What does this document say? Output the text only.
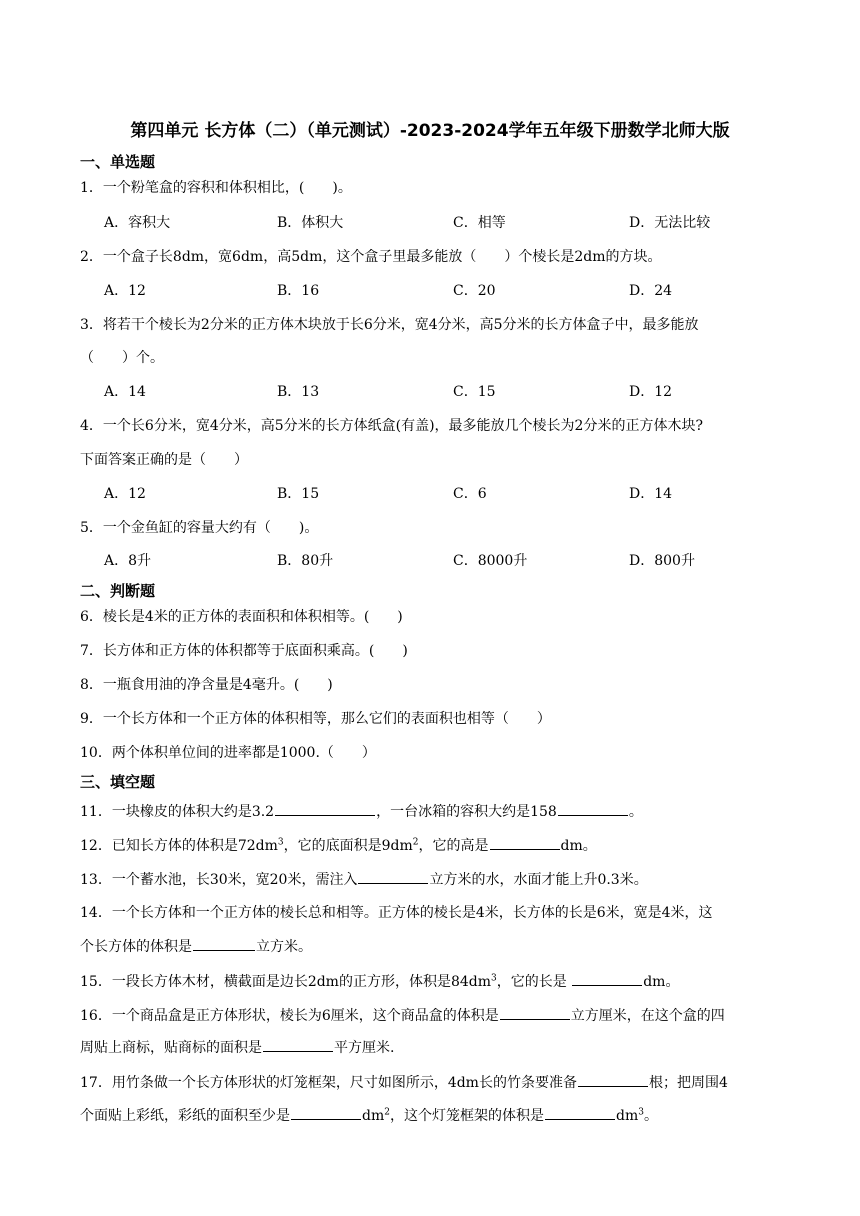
第四单元 长方体（二）（单元测试）-2023-2024学年五年级下册数学北师大版
一、单选题
1．一个粉笔盒的容积和体积相比，(　　)。
A．容积大	B．体积大	C．相等	D．无法比较
2．一个盒子长8dm，宽6dm，高5dm，这个盒子里最多能放（　　）个棱长是2dm的方块。
A．12	B．16	C．20	D．24
3．将若干个棱长为2分米的正方体木块放于长6分米，宽4分米，高5分米的长方体盒子中，最多能放
（　　）个。
A．14	B．13	C．15	D．12
4．一个长6分米，宽4分米，高5分米的长方体纸盒(有盖)，最多能放几个棱长为2分米的正方体木块?
下面答案正确的是（　　）
A．12	B．15	C．6	D．14
5．一个金鱼缸的容量大约有（　　)。
A．8升	B．80升	C．8000升	D．800升
二、判断题
6．棱长是4米的正方体的表面积和体积相等。(　　)
7．长方体和正方体的体积都等于底面积乘高。(　　)
8．一瓶食用油的净含量是4毫升。(　　)
9．一个长方体和一个正方体的体积相等，那么它们的表面积也相等（　　）
10．两个体积单位间的进率都是1000.（　　）
三、填空题
11．一块橡皮的体积大约是3.2	，一台冰箱的容积大约是158	。
12．已知长方体的体积是$72dm^3$，它的底面积是$9dm^2$，它的高是	dm。
13．一个蓄水池，长30米，宽20米，需注入	立方米的水，水面才能上升0.3米。
14．一个长方体和一个正方体的棱长总和相等。正方体的棱长是4米，长方体的长是6米，宽是4米，这
个长方体的体积是	立方米。
15．一段长方体木材，横截面是边长2dm的正方形，体积是$84dm^3$，它的长是	dm。
16．一个商品盒是正方体形状，棱长为6厘米，这个商品盒的体积是	立方厘米，在这个盒的四
周贴上商标，贴商标的面积是	平方厘米.
17．用竹条做一个长方体形状的灯笼框架，尺寸如图所示，4dm长的竹条要准备	根；把周围4
个面贴上彩纸，彩纸的面积至少是	$dm^2$，这个灯笼框架的体积是	$dm^3$。
